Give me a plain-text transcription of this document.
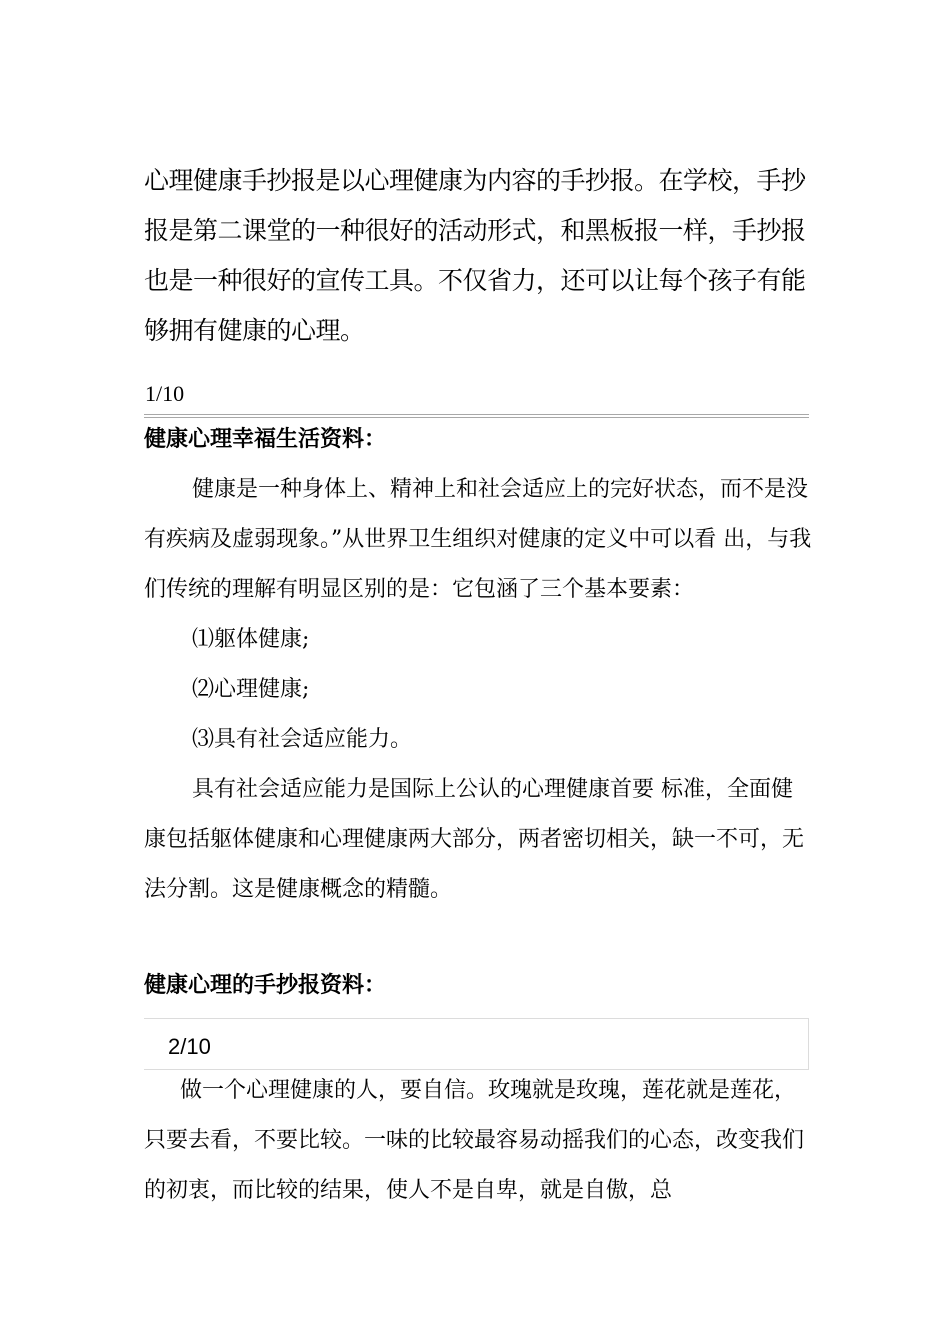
心理健康手抄报是以心理健康为内容的手抄报。在学校，手抄报是第二课堂的一种很好的活动形式，和黑板报一样，手抄报也是一种很好的宣传工具。不仅省力，还可以让每个孩子有能够拥有健康的心理。

1/10
健康心理幸福生活资料：

健康是一种身体上、精神上和社会适应上的完好状态，而不是没有疾病及虚弱现象。”从世界卫生组织对健康的定义中可以看 出，与我们传统的理解有明显区别的是：它包涵了三个基本要素：

⑴躯体健康;

⑵心理健康;

⑶具有社会适应能力。

具有社会适应能力是国际上公认的心理健康首要 标准，全面健康包括躯体健康和心理健康两大部分，两者密切相关，缺一不可，无法分割。这是健康概念的精髓。

健康心理的手抄报资料：
2/10

做一个心理健康的人，要自信。玫瑰就是玫瑰，莲花就是莲花，只要去看，不要比较。一味的比较最容易动摇我们的心态，改变我们的初衷，而比较的结果，使人不是自卑，就是自傲，总
